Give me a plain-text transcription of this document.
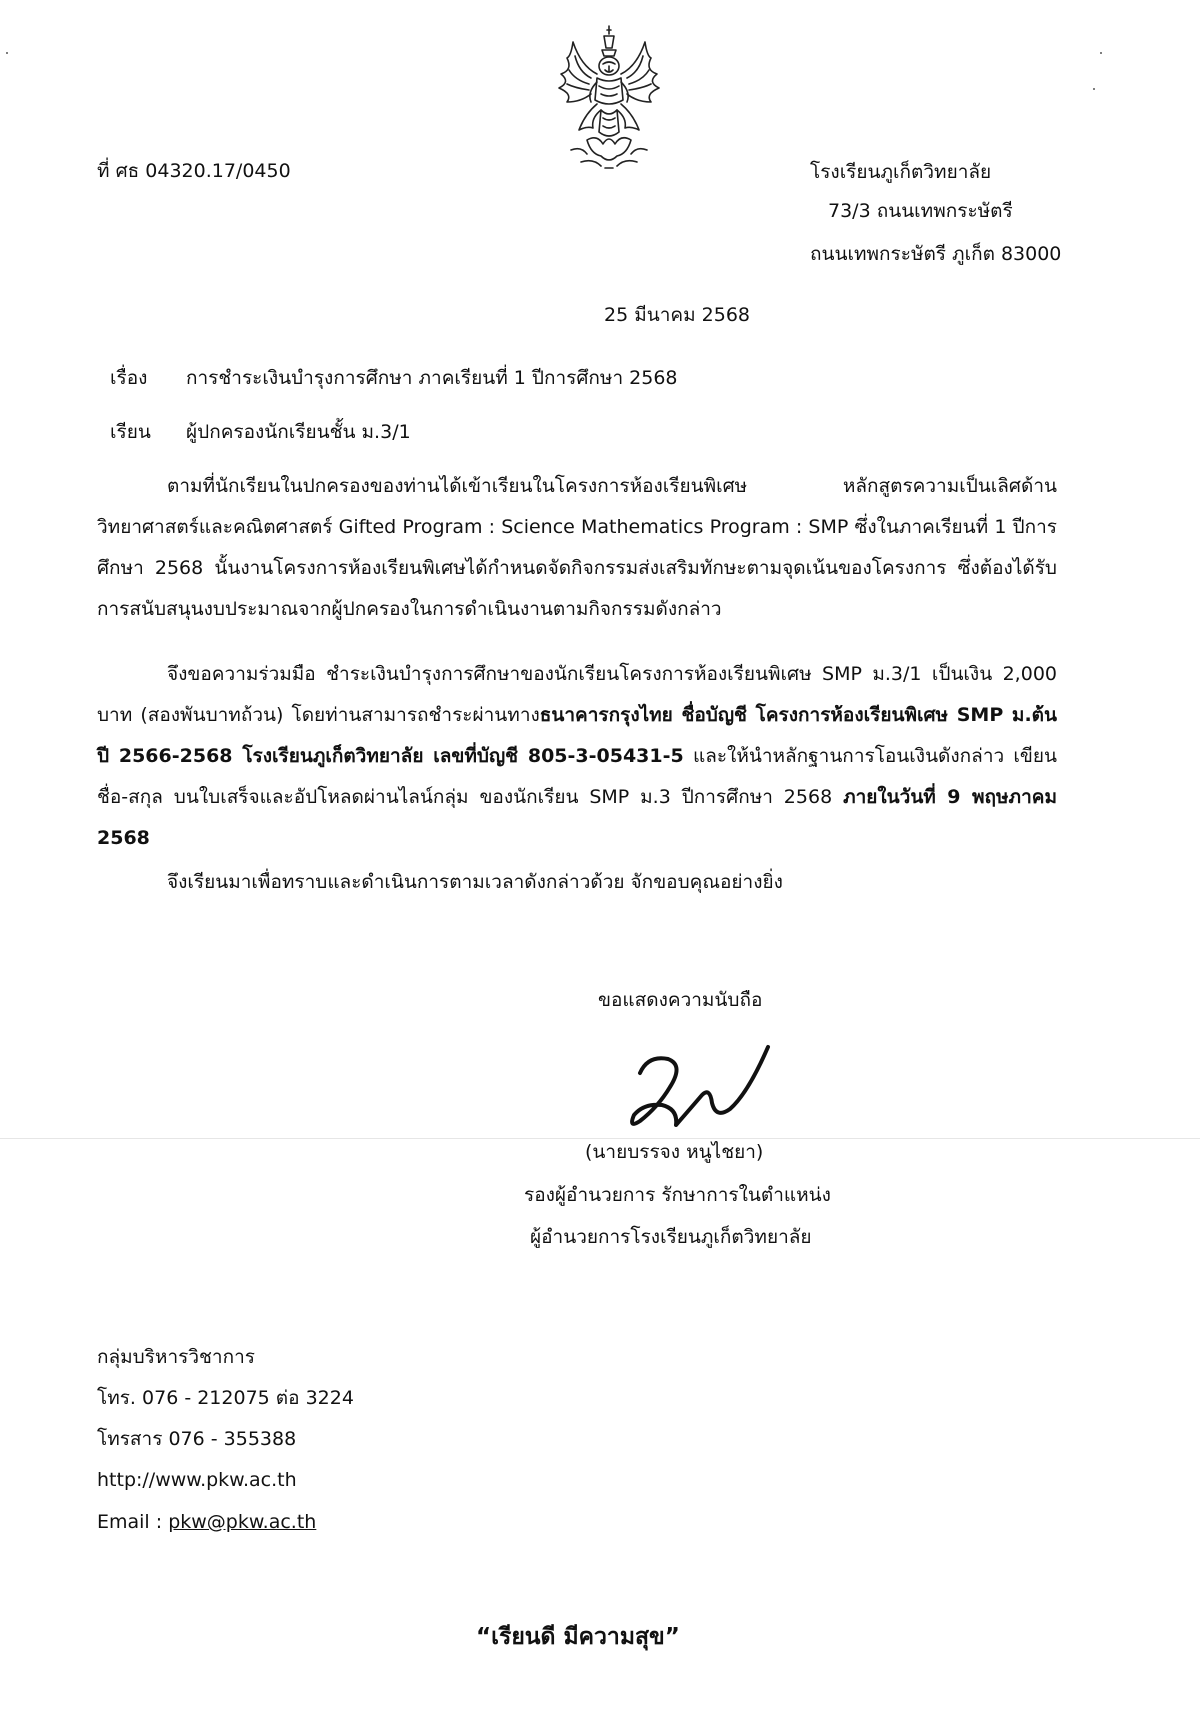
ที่ ศธ 04320.17/0450	โรงเรียนภูเก็ตวิทยาลัย
73/3 ถนนเทพกระษัตรี
ถนนเทพกระษัตรี ภูเก็ต 83000
25 มีนาคม 2568
เรื่อง การชำระเงินบำรุงการศึกษา ภาคเรียนที่ 1 ปีการศึกษา 2568
เรียน ผู้ปกครองนักเรียนชั้น ม.3/1

ตามที่นักเรียนในปกครองของท่านได้เข้าเรียนในโครงการห้องเรียนพิเศษ หลักสูตรความเป็นเลิศด้านวิทยาศาสตร์และคณิตศาสตร์ Gifted Program : Science Mathematics Program : SMP ซึ่งในภาคเรียนที่ 1 ปีการศึกษา 2568 นั้นงานโครงการห้องเรียนพิเศษได้กำหนดจัดกิจกรรมส่งเสริมทักษะตามจุดเน้นของโครงการ ซึ่งต้องได้รับการสนับสนุนงบประมาณจากผู้ปกครองในการดำเนินงานตามกิจกรรมดังกล่าว

จึงขอความร่วมมือ ชำระเงินบำรุงการศึกษาของนักเรียนโครงการห้องเรียนพิเศษ SMP ม.3/1 เป็นเงิน 2,000 บาท (สองพันบาทถ้วน) โดยท่านสามารถชำระผ่านทางธนาคารกรุงไทย ชื่อบัญชี โครงการห้องเรียนพิเศษ SMP ม.ต้น ปี 2566-2568 โรงเรียนภูเก็ตวิทยาลัย เลขที่บัญชี 805-3-05431-5 และให้นำหลักฐานการโอนเงินดังกล่าว เขียน ชื่อ-สกุล บนใบเสร็จและอัปโหลดผ่านไลน์กลุ่ม ของนักเรียน SMP ม.3 ปีการศึกษา 2568 ภายในวันที่ 9 พฤษภาคม 2568

จึงเรียนมาเพื่อทราบและดำเนินการตามเวลาดังกล่าวด้วย จักขอบคุณอย่างยิ่ง

ขอแสดงความนับถือ
(นายบรรจง หนูไชยา)
รองผู้อำนวยการ รักษาการในตำแหน่ง
ผู้อำนวยการโรงเรียนภูเก็ตวิทยาลัย
กลุ่มบริหารวิชาการ
โทร. 076 - 212075 ต่อ 3224
โทรสาร 076 - 355388
http://www.pkw.ac.th
Email : pkw@pkw.ac.th
“เรียนดี มีความสุข”
